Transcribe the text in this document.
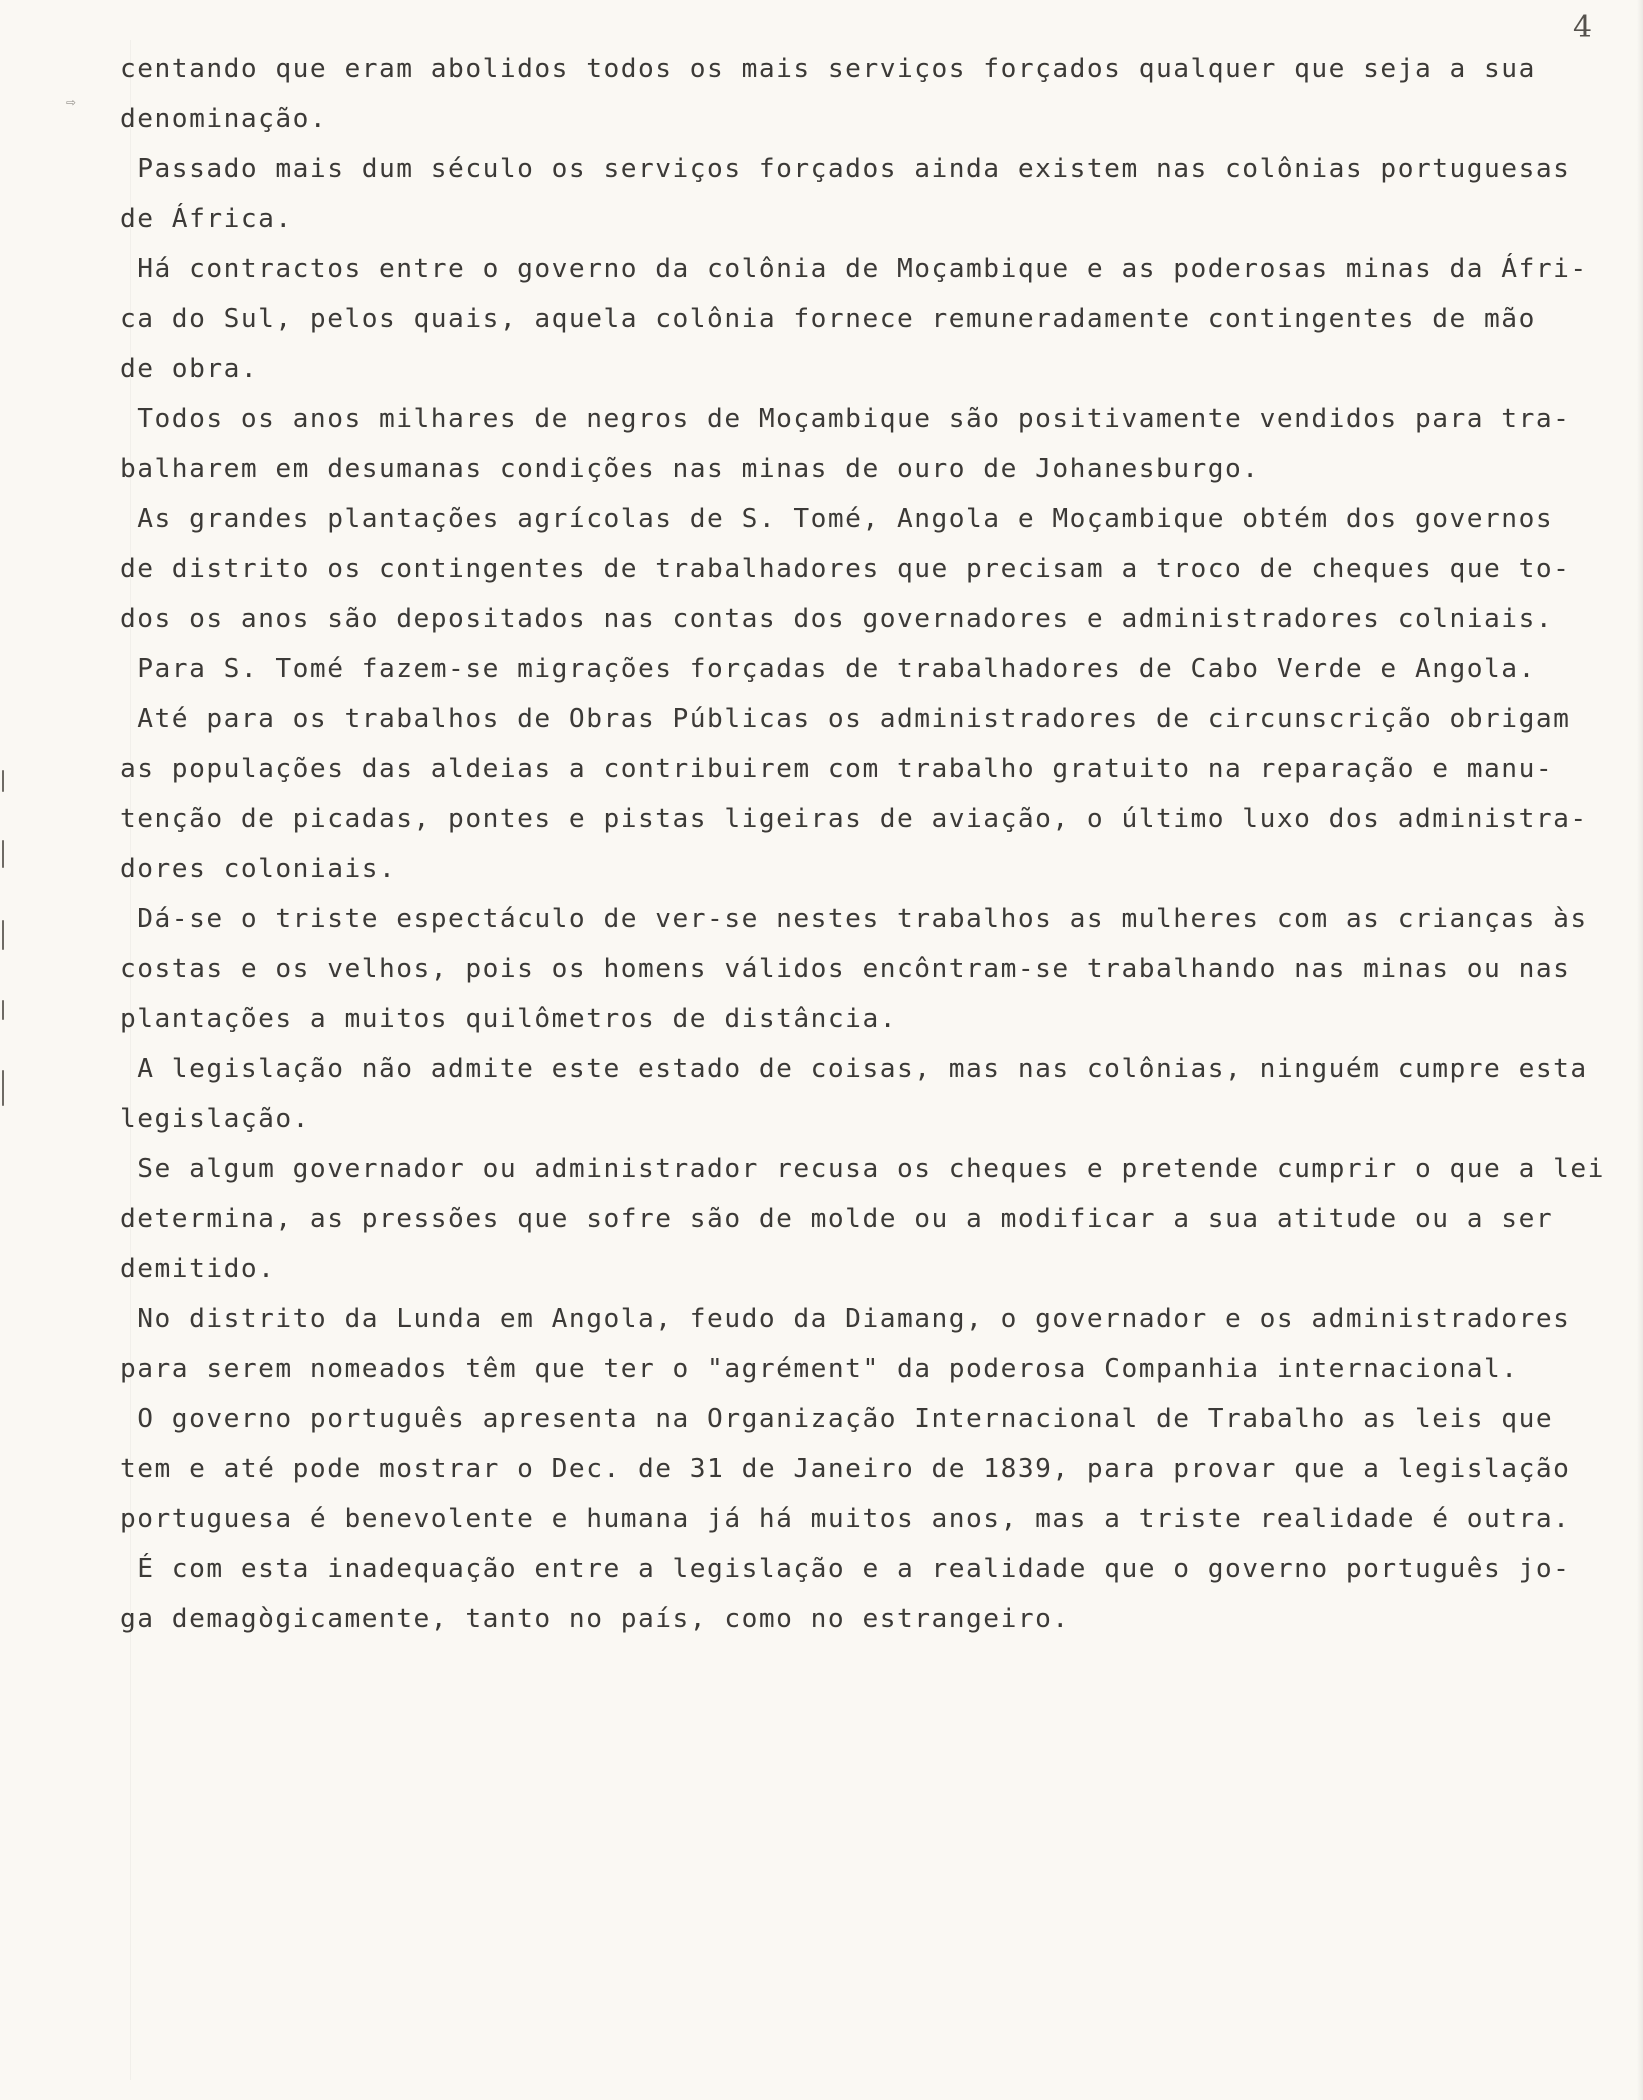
4
⇨
centando que eram abolidos todos os mais serviços forçados qualquer que seja a sua
denominação.
Passado mais dum século os serviços forçados ainda existem nas colônias portuguesas
de África.
Há contractos entre o governo da colônia de Moçambique e as poderosas minas da Áfri-
ca do Sul, pelos quais, aquela colônia fornece remuneradamente contingentes de mão
de obra.
Todos os anos milhares de negros de Moçambique são positivamente vendidos para tra-
balharem em desumanas condições nas minas de ouro de Johanesburgo.
As grandes plantações agrícolas de S. Tomé, Angola e Moçambique obtém dos governos
de distrito os contingentes de trabalhadores que precisam a troco de cheques que to-
dos os anos são depositados nas contas dos governadores e administradores colniais.
Para S. Tomé fazem-se migrações forçadas de trabalhadores de Cabo Verde e Angola.
Até para os trabalhos de Obras Públicas os administradores de circunscrição obrigam
as populações das aldeias a contribuirem com trabalho gratuito na reparação e manu-
tenção de picadas, pontes e pistas ligeiras de aviação, o último luxo dos administra-
dores coloniais.
Dá-se o triste espectáculo de ver-se nestes trabalhos as mulheres com as crianças às
costas e os velhos, pois os homens válidos encôntram-se trabalhando nas minas ou nas
plantações a muitos quilômetros de distância.
A legislação não admite este estado de coisas, mas nas colônias, ninguém cumpre esta
legislação.
Se algum governador ou administrador recusa os cheques e pretende cumprir o que a lei
determina, as pressões que sofre são de molde ou a modificar a sua atitude ou a ser
demitido.
No distrito da Lunda em Angola, feudo da Diamang, o governador e os administradores
para serem nomeados têm que ter o "agrément" da poderosa Companhia internacional.
O governo português apresenta na Organização Internacional de Trabalho as leis que
tem e até pode mostrar o Dec. de 31 de Janeiro de 1839, para provar que a legislação
portuguesa é benevolente e humana já há muitos anos, mas a triste realidade é outra.
É com esta inadequação entre a legislação e a realidade que o governo português jo-
ga demagògicamente, tanto no país, como no estrangeiro.
